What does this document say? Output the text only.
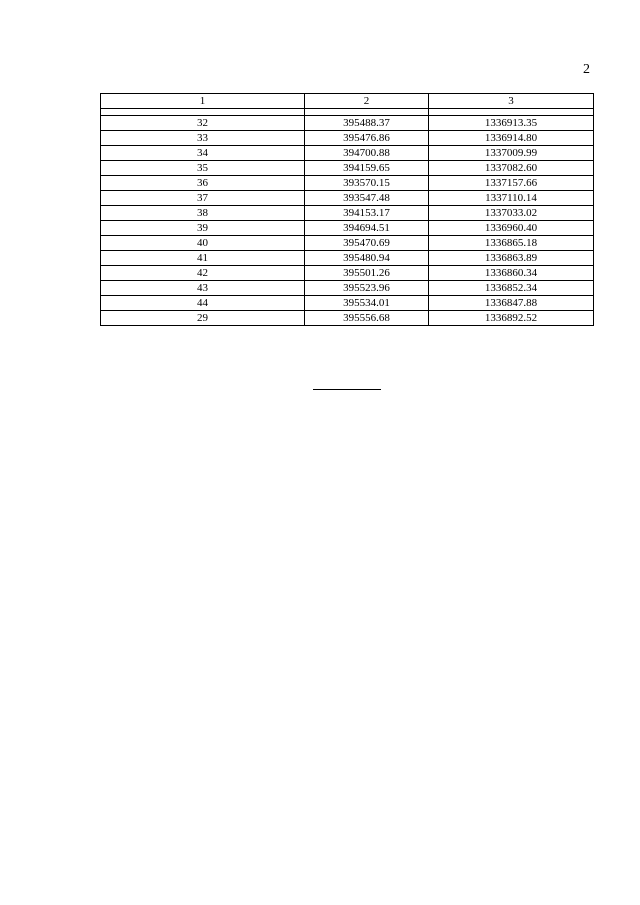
2
1	2	3

32	395488.37	1336913.35
33	395476.86	1336914.80
34	394700.88	1337009.99
35	394159.65	1337082.60
36	393570.15	1337157.66
37	393547.48	1337110.14
38	394153.17	1337033.02
39	394694.51	1336960.40
40	395470.69	1336865.18
41	395480.94	1336863.89
42	395501.26	1336860.34
43	395523.96	1336852.34
44	395534.01	1336847.88
29	395556.68	1336892.52
